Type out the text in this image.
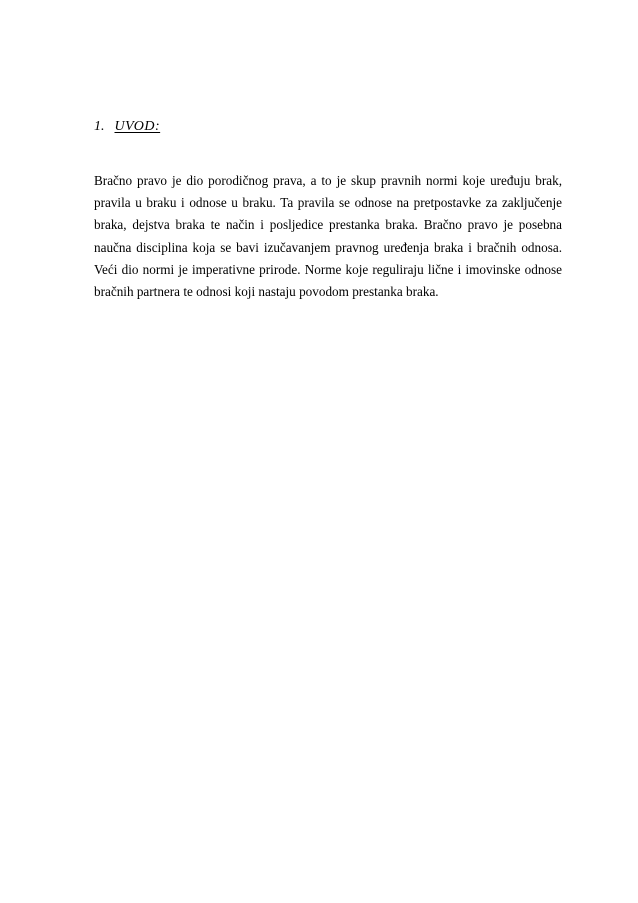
1. UVOD:

Bračno pravo je dio porodičnog prava, a to je skup pravnih normi koje uređuju brak, pravila u braku i odnose u braku. Ta pravila se odnose na pretpostavke za zaključenje braka, dejstva braka te način i posljedice prestanka braka. Bračno pravo je posebna naučna disciplina koja se bavi izučavanjem pravnog uređenja braka i bračnih odnosa. Veći dio normi je imperativne prirode. Norme koje reguliraju lične i imovinske odnose bračnih partnera te odnosi koji nastaju povodom prestanka braka.
